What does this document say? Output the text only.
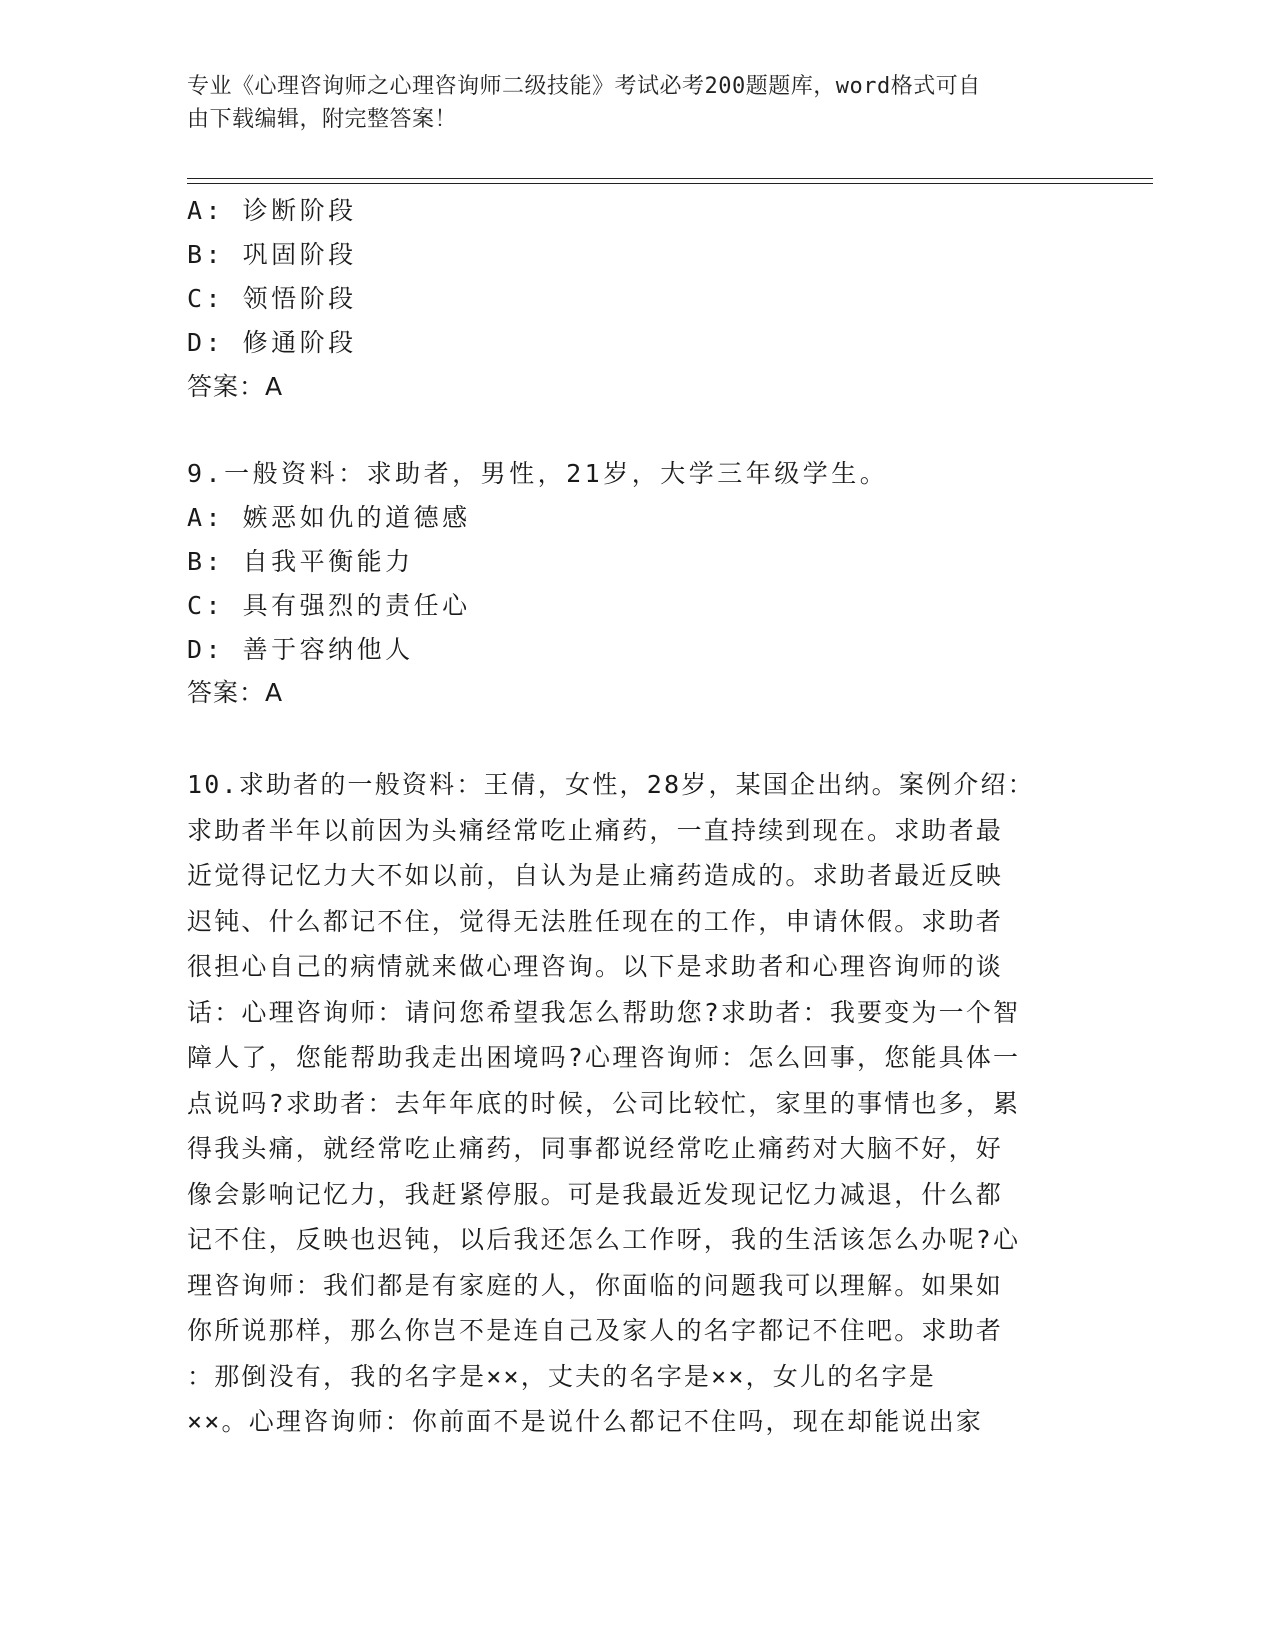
专业《心理咨询师之心理咨询师二级技能》考试必考200题题库，word格式可自
由下载编辑，附完整答案！
A: 诊断阶段
B: 巩固阶段
C: 领悟阶段
D: 修通阶段
答案：A
9.一般资料：求助者，男性，21岁，大学三年级学生。
A: 嫉恶如仇的道德感
B: 自我平衡能力
C: 具有强烈的责任心
D: 善于容纳他人
答案：A
10.求助者的一般资料：王倩，女性，28岁，某国企出纳。案例介绍：
求助者半年以前因为头痛经常吃止痛药，一直持续到现在。求助者最
近觉得记忆力大不如以前，自认为是止痛药造成的。求助者最近反映
迟钝、什么都记不住，觉得无法胜任现在的工作，申请休假。求助者
很担心自己的病情就来做心理咨询。以下是求助者和心理咨询师的谈
话：心理咨询师：请问您希望我怎么帮助您?求助者：我要变为一个智
障人了，您能帮助我走出困境吗?心理咨询师：怎么回事，您能具体一
点说吗?求助者：去年年底的时候，公司比较忙，家里的事情也多，累
得我头痛，就经常吃止痛药，同事都说经常吃止痛药对大脑不好，好
像会影响记忆力，我赶紧停服。可是我最近发现记忆力减退，什么都
记不住，反映也迟钝，以后我还怎么工作呀，我的生活该怎么办呢?心
理咨询师：我们都是有家庭的人，你面临的问题我可以理解。如果如
你所说那样，那么你岂不是连自己及家人的名字都记不住吧。求助者
：那倒没有，我的名字是××，丈夫的名字是××，女儿的名字是
××。心理咨询师：你前面不是说什么都记不住吗，现在却能说出家
